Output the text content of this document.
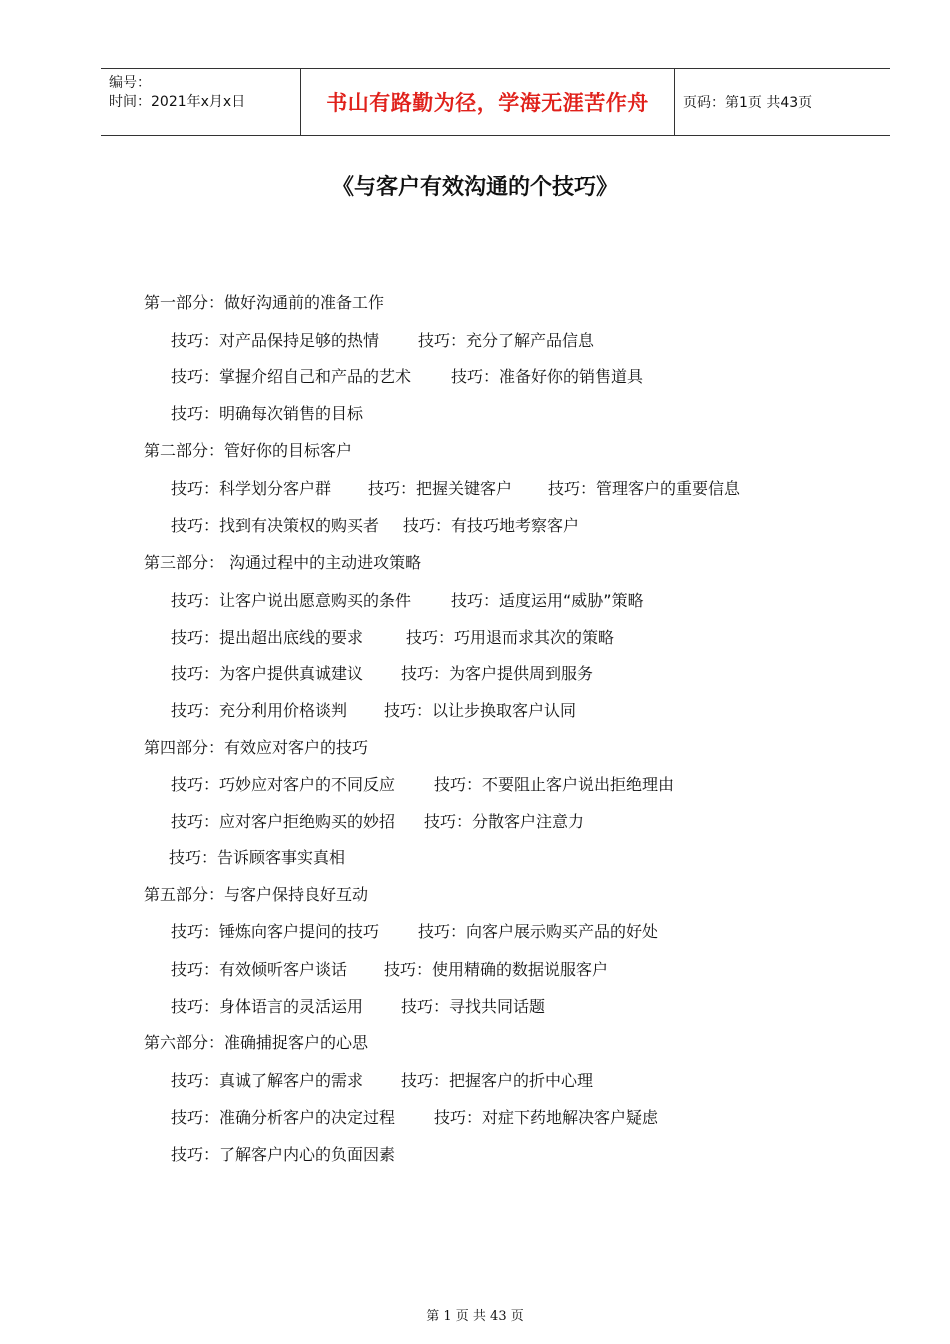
编号：
时间：2021年x月x日	书山有路勤为径，学海无涯苦作舟	页码：第1页 共43页
《与客户有效沟通的个技巧》
第一部分：做好沟通前的准备工作
技巧：对产品保持足够的热情 技巧：充分了解产品信息
技巧：掌握介绍自己和产品的艺术 技巧：准备好你的销售道具
技巧：明确每次销售的目标
第二部分：管好你的目标客户
技巧：科学划分客户群 技巧：把握关键客户 技巧：管理客户的重要信息
技巧：找到有决策权的购买者 技巧：有技巧地考察客户
第三部分： 沟通过程中的主动进攻策略
技巧：让客户说出愿意购买的条件 技巧：适度运用“威胁”策略
技巧：提出超出底线的要求	技巧：巧用退而求其次的策略
技巧：为客户提供真诚建议 技巧：为客户提供周到服务
技巧：充分利用价格谈判 技巧：以让步换取客户认同
第四部分：有效应对客户的技巧
技巧：巧妙应对客户的不同反应 技巧：不要阻止客户说出拒绝理由
技巧：应对客户拒绝购买的妙招 技巧：分散客户注意力
技巧：告诉顾客事实真相
第五部分：与客户保持良好互动
技巧：锤炼向客户提问的技巧 技巧：向客户展示购买产品的好处
技巧：有效倾听客户谈话 技巧：使用精确的数据说服客户
技巧：身体语言的灵活运用 技巧：寻找共同话题
第六部分：准确捕捉客户的心思
技巧：真诚了解客户的需求 技巧：把握客户的折中心理
技巧：准确分析客户的决定过程 技巧：对症下药地解决客户疑虑
技巧：了解客户内心的负面因素
第 1 页 共 43 页
